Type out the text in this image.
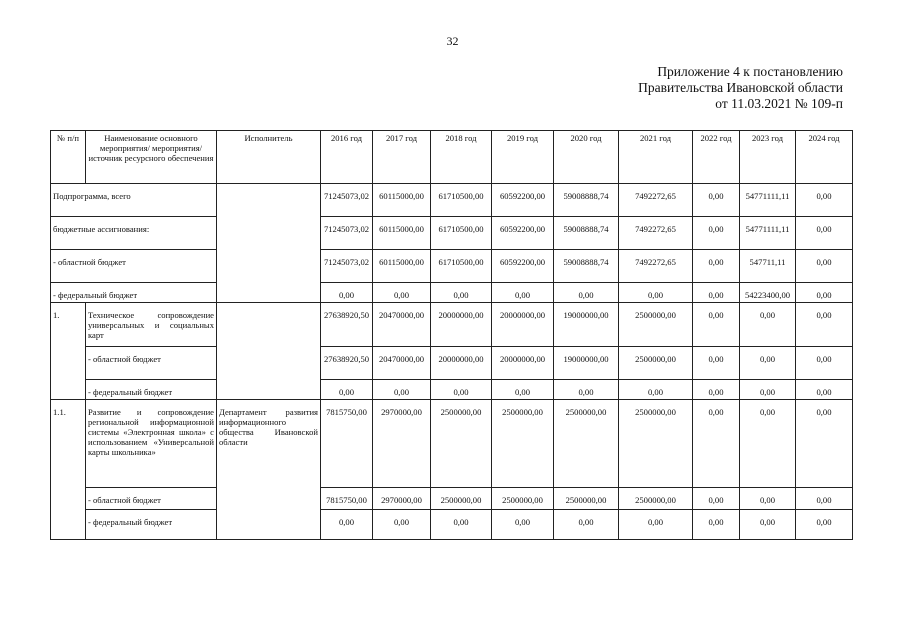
32
Приложение 4 к постановлению
Правительства Ивановской области
от 11.03.2021 № 109-п
№ п/п	Наименование основного мероприятия/ мероприятия/источник ресурсного обеспечения	Исполнитель	2016 год	2017 год	2018 год	2019 год	2020 год	2021 год	2022 год	2023 год	2024 год
Подпрограмма, всего			71245073,02	60115000,00	61710500,00	60592200,00	59008888,74	7492272,65	0,00	54771111,11	0,00
бюджетные ассигнования:			71245073,02	60115000,00	61710500,00	60592200,00	59008888,74	7492272,65	0,00	54771111,11	0,00
- областной бюджет			71245073,02	60115000,00	61710500,00	60592200,00	59008888,74	7492272,65	0,00	547711,11	0,00
- федеральный бюджет			0,00	0,00	0,00	0,00	0,00	0,00	0,00	54223400,00	0,00
1.	Техническое сопровождение универсальных и социальных карт		27638920,50	20470000,00	20000000,00	20000000,00	19000000,00	2500000,00	0,00	0,00	0,00
	- областной бюджет		27638920,50	20470000,00	20000000,00	20000000,00	19000000,00	2500000,00	0,00	0,00	0,00
	- федеральный бюджет		0,00	0,00	0,00	0,00	0,00	0,00	0,00	0,00	0,00
1.1.	Развитие и сопровождение региональной информационной системы «Электронная школа» с использованием «Универсальной карты школьника»	Департамент развития информационного общества Ивановской области	7815750,00	2970000,00	2500000,00	2500000,00	2500000,00	2500000,00	0,00	0,00	0,00
	- областной бюджет		7815750,00	2970000,00	2500000,00	2500000,00	2500000,00	2500000,00	0,00	0,00	0,00
	- федеральный бюджет		0,00	0,00	0,00	0,00	0,00	0,00	0,00	0,00	0,00
